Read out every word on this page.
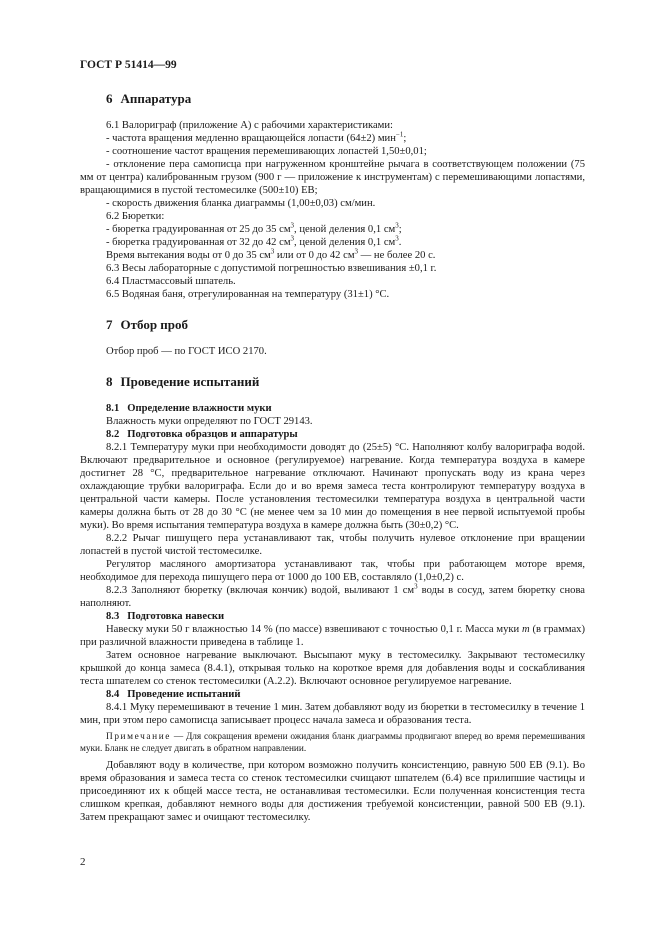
ГОСТ Р 51414—99
6 Аппаратура

6.1 Валориграф (приложение А) с рабочими характеристиками:

- частота вращения медленно вращающейся лопасти (64±2) мин$^{-1}$;

- соотношение частот вращения перемешивающих лопастей 1,50±0,01;

- отклонение пера самописца при нагруженном кронштейне рычага в соответствующем положении (75 мм от центра) калиброванным грузом (900 г — приложение к инструментам) с перемешивающими лопастями, вращающимися в пустой тестомесилке (500±10) ЕВ;

- скорость движения бланка диаграммы (1,00±0,03) см/мин.

6.2 Бюретки:

- бюретка градуированная от 25 до 35 $см^3$, ценой деления 0,1 $см^3$;

- бюретка градуированная от 32 до 42 $см^3$, ценой деления 0,1 $см^3$.

Время вытекания воды от 0 до 35 $см^3$ или от 0 до 42 $см^3$ — не более 20 с.

6.3 Весы лабораторные с допустимой погрешностью взвешивания ±0,1 г.

6.4 Пластмассовый шпатель.

6.5 Водяная баня, отрегулированная на температуру (31±1) °С.

7 Отбор проб

Отбор проб — по ГОСТ ИСО 2170.

8 Проведение испытаний
8.1 Определение влажности муки

Влажность муки определяют по ГОСТ 29143.

8.2 Подготовка образцов и аппаратуры

8.2.1 Температуру муки при необходимости доводят до (25±5) °С. Наполняют колбу валориграфа водой. Включают предварительное и основное (регулируемое) нагревание. Когда температура воздуха в камере достигнет 28 °С, предварительное нагревание отключают. Начинают пропускать воду из крана через охлаждающие трубки валориграфа. Если до и во время замеса теста контролируют температуру воздуха в центральной части камеры. После установления тестомесилки температура воздуха в центральной части камеры должна быть от 28 до 30 °С (не менее чем за 10 мин до помещения в нее первой испытуемой пробы муки). Во время испытания температура воздуха в камере должна быть (30±0,2) °С.

8.2.2 Рычаг пишущего пера устанавливают так, чтобы получить нулевое отклонение при вращении лопастей в пустой чистой тестомесилке.

Регулятор масляного амортизатора устанавливают так, чтобы при работающем моторе время, необходимое для перехода пишущего пера от 1000 до 100 ЕВ, составляло (1,0±0,2) с.

8.2.3 Заполняют бюретку (включая кончик) водой, выливают 1 $см^3$ воды в сосуд, затем бюретку снова наполняют.

8.3 Подготовка навески

Навеску муки 50 г влажностью 14 % (по массе) взвешивают с точностью 0,1 г. Масса муки m (в граммах) при различной влажности приведена в таблице 1.

Затем основное нагревание выключают. Высыпают муку в тестомесилку. Закрывают тестомесилку крышкой до конца замеса (8.4.1), открывая только на короткое время для добавления воды и соскабливания теста шпателем со стенок тестомесилки (А.2.2). Включают основное регулируемое нагревание.

8.4 Проведение испытаний

8.4.1 Муку перемешивают в течение 1 мин. Затем добавляют воду из бюретки в тестомесилку в течение 1 мин, при этом перо самописца записывает процесс начала замеса и образования теста.

Примечание — Для сокращения времени ожидания бланк диаграммы продвигают вперед во время перемешивания муки. Бланк не следует двигать в обратном направлении.

Добавляют воду в количестве, при котором возможно получить консистенцию, равную 500 ЕВ (9.1). Во время образования и замеса теста со стенок тестомесилки счищают шпателем (6.4) все прилипшие частицы и присоединяют их к общей массе теста, не останавливая тестомесилки. Если полученная консистенция теста слишком крепкая, добавляют немного воды для достижения требуемой консистенции, равной 500 ЕВ (9.1). Затем прекращают замес и очищают тестомесилку.

2
